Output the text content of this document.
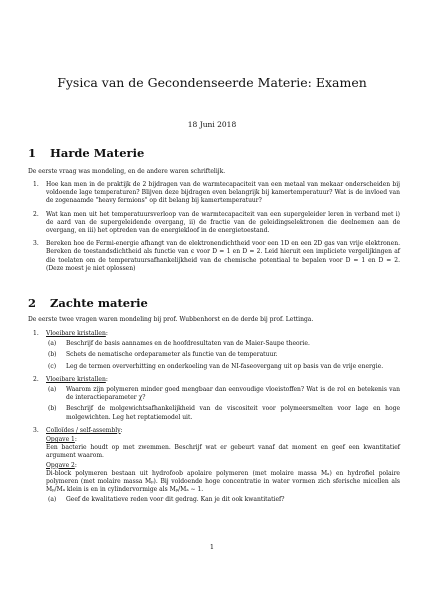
Fysica van de Gecondenseerde Materie: Examen
18 Juni 2018
1 Harde Materie
De eerste vraag was mondeling, en de andere waren schriftelijk.
1. Hoe kan men in de praktijk de 2 bijdragen van de warmtecapaciteit van een metaal van mekaar onderscheiden bij voldoende lage temperaturen? Blijven deze bijdragen even belangrijk bij kamertemperatuur? Wat is de invloed van de zogenaamde "heavy fermions" op dit belang bij kamertemperatuur?
2. Wat kan men uit het temperatuursverloop van de warmtecapaciteit van een supergeleider leren in verband met i) de aard van de supergeleidende overgang, ii) de fractie van de geleidingselektronen die deelnemen aan de overgang, en iii) het optreden van de energiekloof in de energietoestand.
3. Bereken hoe de Fermi-energie afhangt van de elektronendichtheid voor een 1D en een 2D gas van vrije elektronen. Bereken de toestandsdichtheid als functie van ϵ voor D = 1 en D = 2. Leid hieruit een impliciete vergelijkingen af die toelaten om de temperatuursafhankelijkheid van de chemische potentiaal te bepalen voor D = 1 en D = 2. (Deze moest je niet oplossen)
2 Zachte materie
De eerste twee vragen waren mondeling bij prof. Wubbenhorst en de derde bij prof. Lettinga.
1. Vloeibare kristallen:
(a) Beschrijf de basis aannames en de hoofdresultaten van de Maier-Saupe theorie.
(b) Schets de nematische ordeparameter als functie van de temperatuur.
(c) Leg de termen oververhitting en onderkoeling van de NI-faseovergang uit op basis van de vrije energie.
2. Vloeibare kristallen:
(a) Waarom zijn polymeren minder goed mengbaar dan eenvoudige vloeistoffen? Wat is de rol en betekenis van de interactieparameter χ?
(b) Beschrijf de molgewichtsafhankelijkheid van de viscositeit voor polymeersmelten voor lage en hoge molgewichten. Leg het reptatiemodel uit.
3. Colloïdes / self-assembly:
Opgave 1:
Een bacterie houdt op met zwemmen. Beschrijf wat er gebeurt vanaf dat moment en geef een kwantitatief argument waarom.
Opgave 2:
Di-block polymeren bestaan uit hydrofoob apolaire polymeren (met molaire massa Mₐ) en hydrofiel polaire polymeren (met molaire massa Mₚ). Bij voldoende hoge concentratie in water vormen zich sferische micellen als Mₚ/Mₐ klein is en in cylindervormige als Mₚ/Mₐ ∼ 1.
(a) Geef de kwalitatieve reden voor dit gedrag. Kan je dit ook kwantitatief?
1
